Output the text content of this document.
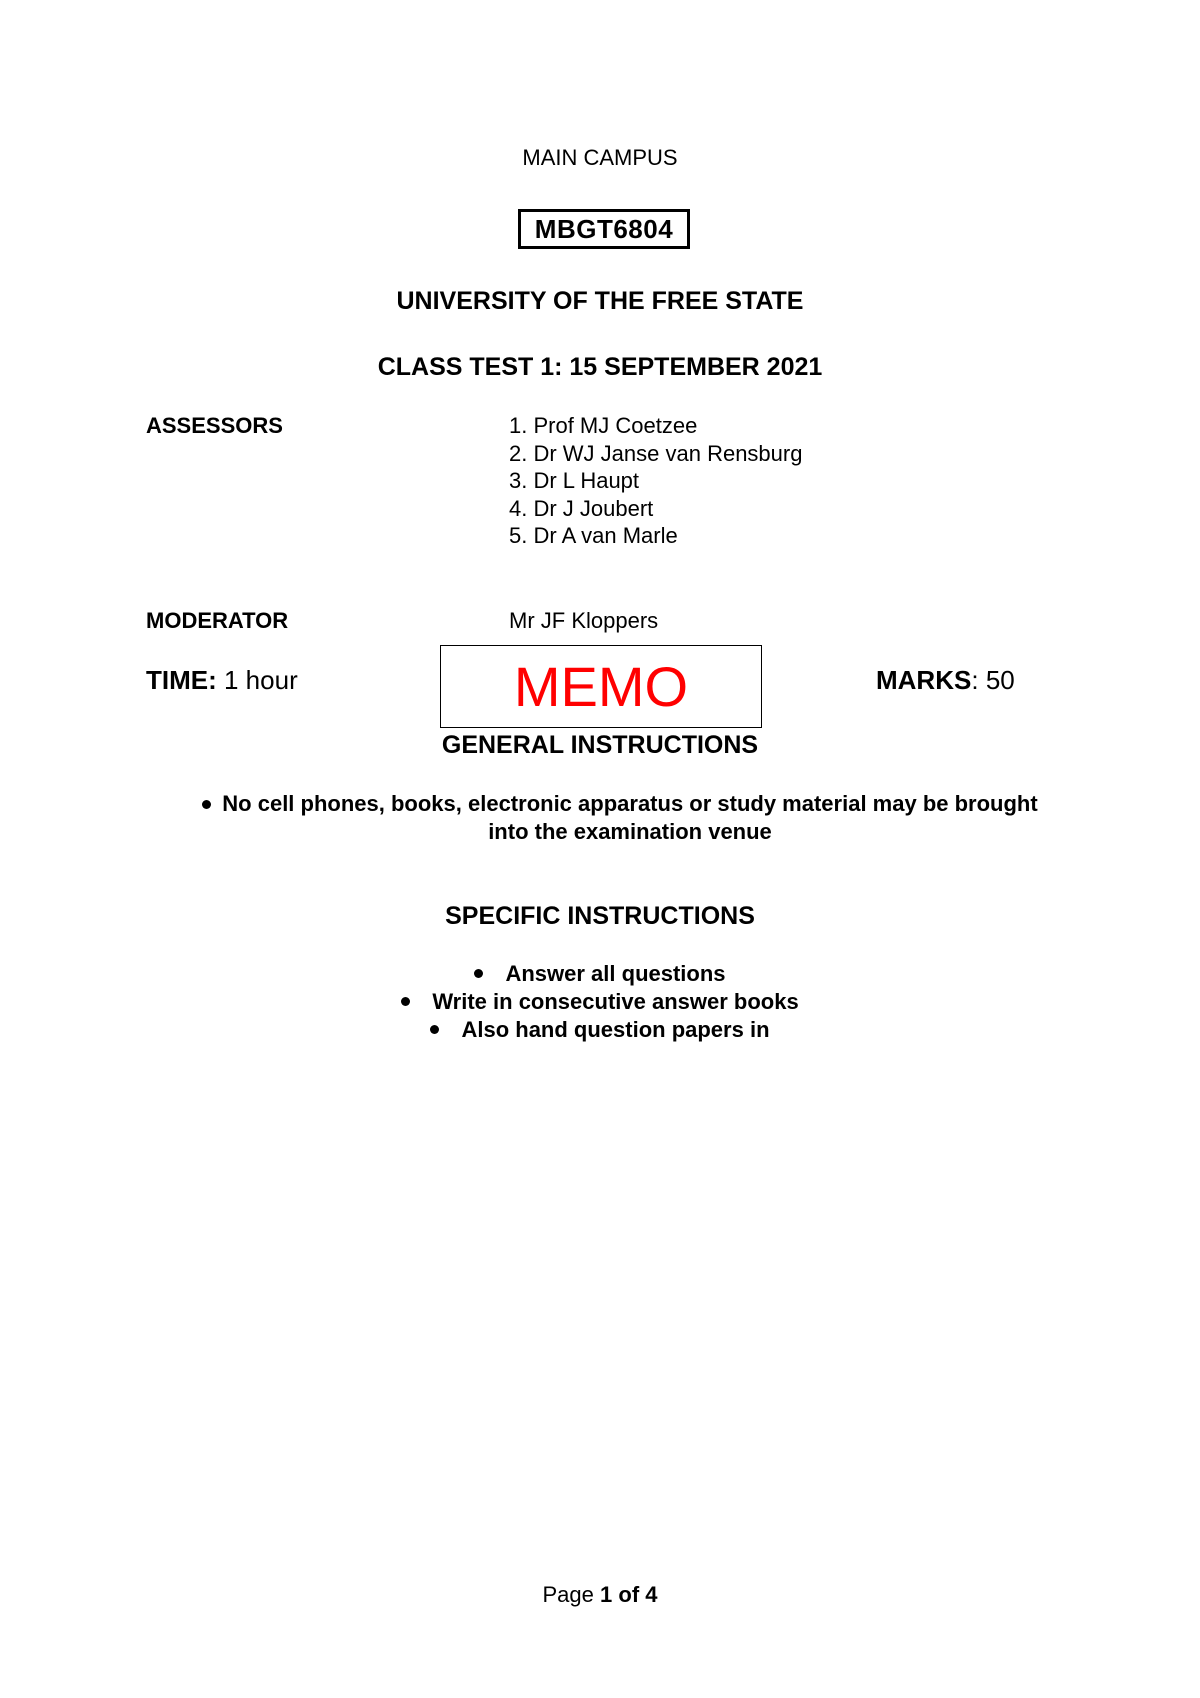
MAIN CAMPUS
MBGT6804
UNIVERSITY OF THE FREE STATE
CLASS TEST 1: 15 SEPTEMBER 2021
ASSESSORS	1. Prof MJ Coetzee
2. Dr WJ Janse van Rensburg
3. Dr L Haupt
4. Dr J Joubert
5. Dr A van Marle
MODERATOR	Mr JF Kloppers
TIME: 1 hour	MEMO	MARKS: 50
GENERAL INSTRUCTIONS
No cell phones, books, electronic apparatus or study material may be brought into the examination venue
SPECIFIC INSTRUCTIONS
Answer all questions
Write in consecutive answer books
Also hand question papers in
Page 1 of 4
